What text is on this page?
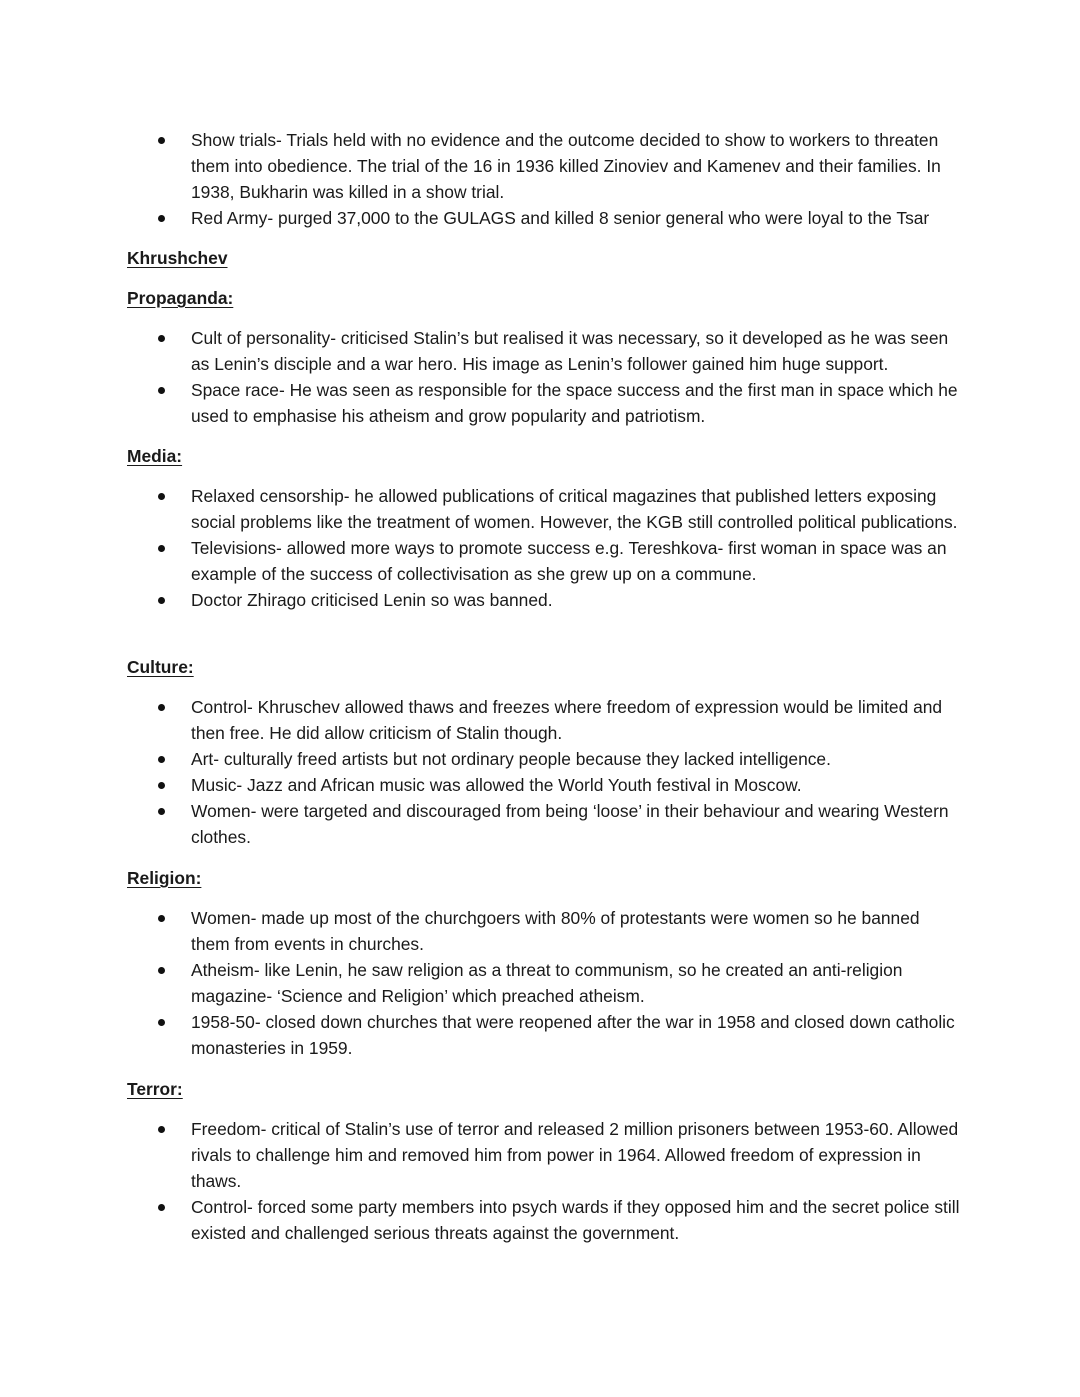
Show trials- Trials held with no evidence and the outcome decided to show to workers to threaten them into obedience. The trial of the 16 in 1936 killed Zinoviev and Kamenev and their families. In 1938, Bukharin was killed in a show trial.
Red Army- purged 37,000 to the GULAGS and killed 8 senior general who were loyal to the Tsar

Khrushchev

Propaganda:

Cult of personality- criticised Stalin’s but realised it was necessary, so it developed as he was seen as Lenin’s disciple and a war hero. His image as Lenin’s follower gained him huge support.
Space race- He was seen as responsible for the space success and the first man in space which he used to emphasise his atheism and grow popularity and patriotism.

Media:

Relaxed censorship- he allowed publications of critical magazines that published letters exposing social problems like the treatment of women. However, the KGB still controlled political publications.
Televisions- allowed more ways to promote success e.g. Tereshkova- first woman in space was an example of the success of collectivisation as she grew up on a commune.
Doctor Zhirago criticised Lenin so was banned.

Culture:

Control- Khruschev allowed thaws and freezes where freedom of expression would be limited and then free. He did allow criticism of Stalin though.
Art- culturally freed artists but not ordinary people because they lacked intelligence.
Music- Jazz and African music was allowed the World Youth festival in Moscow.
Women- were targeted and discouraged from being ‘loose’ in their behaviour and wearing Western clothes.

Religion:

Women- made up most of the churchgoers with 80% of protestants were women so he banned them from events in churches.
Atheism- like Lenin, he saw religion as a threat to communism, so he created an anti-religion magazine- ‘Science and Religion’ which preached atheism.
1958-50- closed down churches that were reopened after the war in 1958 and closed down catholic monasteries in 1959.

Terror:

Freedom- critical of Stalin’s use of terror and released 2 million prisoners between 1953-60. Allowed rivals to challenge him and removed him from power in 1964. Allowed freedom of expression in thaws.
Control- forced some party members into psych wards if they opposed him and the secret police still existed and challenged serious threats against the government.
